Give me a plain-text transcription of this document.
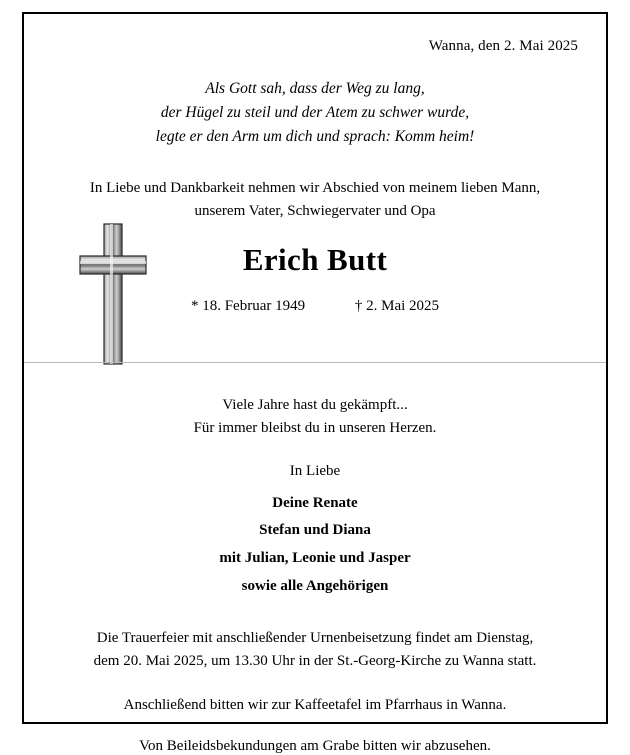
Wanna, den 2. Mai 2025
Als Gott sah, dass der Weg zu lang,
der Hügel zu steil und der Atem zu schwer wurde,
legte er den Arm um dich und sprach: Komm heim!
In Liebe und Dankbarkeit nehmen wir Abschied von meinem lieben Mann,
unserem Vater, Schwiegervater und Opa
Erich Butt
* 18. Februar 1949	† 2. Mai 2025
Viele Jahre hast du gekämpft...
Für immer bleibst du in unseren Herzen.
In Liebe
Deine Renate
Stefan und Diana
mit Julian, Leonie und Jasper
sowie alle Angehörigen
Die Trauerfeier mit anschließender Urnenbeisetzung findet am Dienstag,
dem 20. Mai 2025, um 13.30 Uhr in der St.-Georg-Kirche zu Wanna statt.
Anschließend bitten wir zur Kaffeetafel im Pfarrhaus in Wanna.
Von Beileidsbekundungen am Grabe bitten wir abzusehen.
